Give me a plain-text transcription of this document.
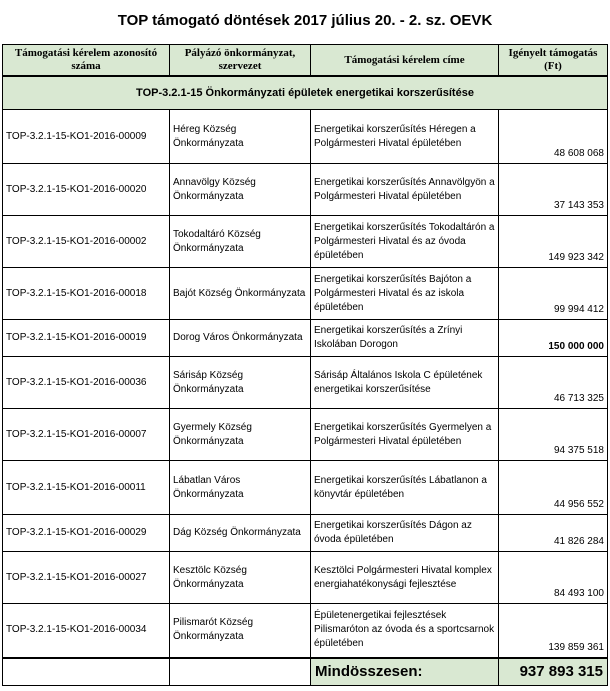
TOP támogató döntések 2017 július 20. - 2. sz. OEVK
Támogatási kérelem azonosító száma	Pályázó önkormányzat, szervezet	Támogatási kérelem címe	Igényelt támogatás (Ft)
TOP-3.2.1-15 Önkormányzati épületek energetikai korszerűsítése			
TOP-3.2.1-15-KO1-2016-00009	Héreg Község Önkormányzata	Energetikai korszerűsítés Héregen a Polgármesteri Hivatal épületében	48 608 068
TOP-3.2.1-15-KO1-2016-00020	Annavölgy Község Önkormányzata	Energetikai korszerűsítés Annavölgyön a Polgármesteri Hivatal épületében	37 143 353
TOP-3.2.1-15-KO1-2016-00002	Tokodaltáró Község Önkormányzata	Energetikai korszerűsítés Tokodaltárón a Polgármesteri Hivatal és az óvoda épületében	149 923 342
TOP-3.2.1-15-KO1-2016-00018	Bajót Község Önkormányzata	Energetikai korszerűsítés Bajóton a Polgármesteri Hivatal és az iskola épületében	99 994 412
TOP-3.2.1-15-KO1-2016-00019	Dorog Város Önkormányzata	Energetikai korszerűsítés a Zrínyi Iskolában Dorogon	150 000 000
TOP-3.2.1-15-KO1-2016-00036	Sárisáp Község Önkormányzata	Sárisáp Általános Iskola C épületének energetikai korszerűsítése	46 713 325
TOP-3.2.1-15-KO1-2016-00007	Gyermely Község Önkormányzata	Energetikai korszerűsítés Gyermelyen a Polgármesteri Hivatal épületében	94 375 518
TOP-3.2.1-15-KO1-2016-00011	Lábatlan Város Önkormányzata	Energetikai korszerűsítés Lábatlanon a könyvtár épületében	44 956 552
TOP-3.2.1-15-KO1-2016-00029	Dág Község Önkormányzata	Energetikai korszerűsítés Dágon az óvoda épületében	41 826 284
TOP-3.2.1-15-KO1-2016-00027	Kesztölc Község Önkormányzata	Kesztölci Polgármesteri Hivatal komplex energiahatékonysági fejlesztése	84 493 100
TOP-3.2.1-15-KO1-2016-00034	Pilismarót Község Önkormányzata	Épületenergetikai fejlesztések Pilismaróton az óvoda és a sportcsarnok épületében	139 859 361
		Mindösszesen:	937 893 315
